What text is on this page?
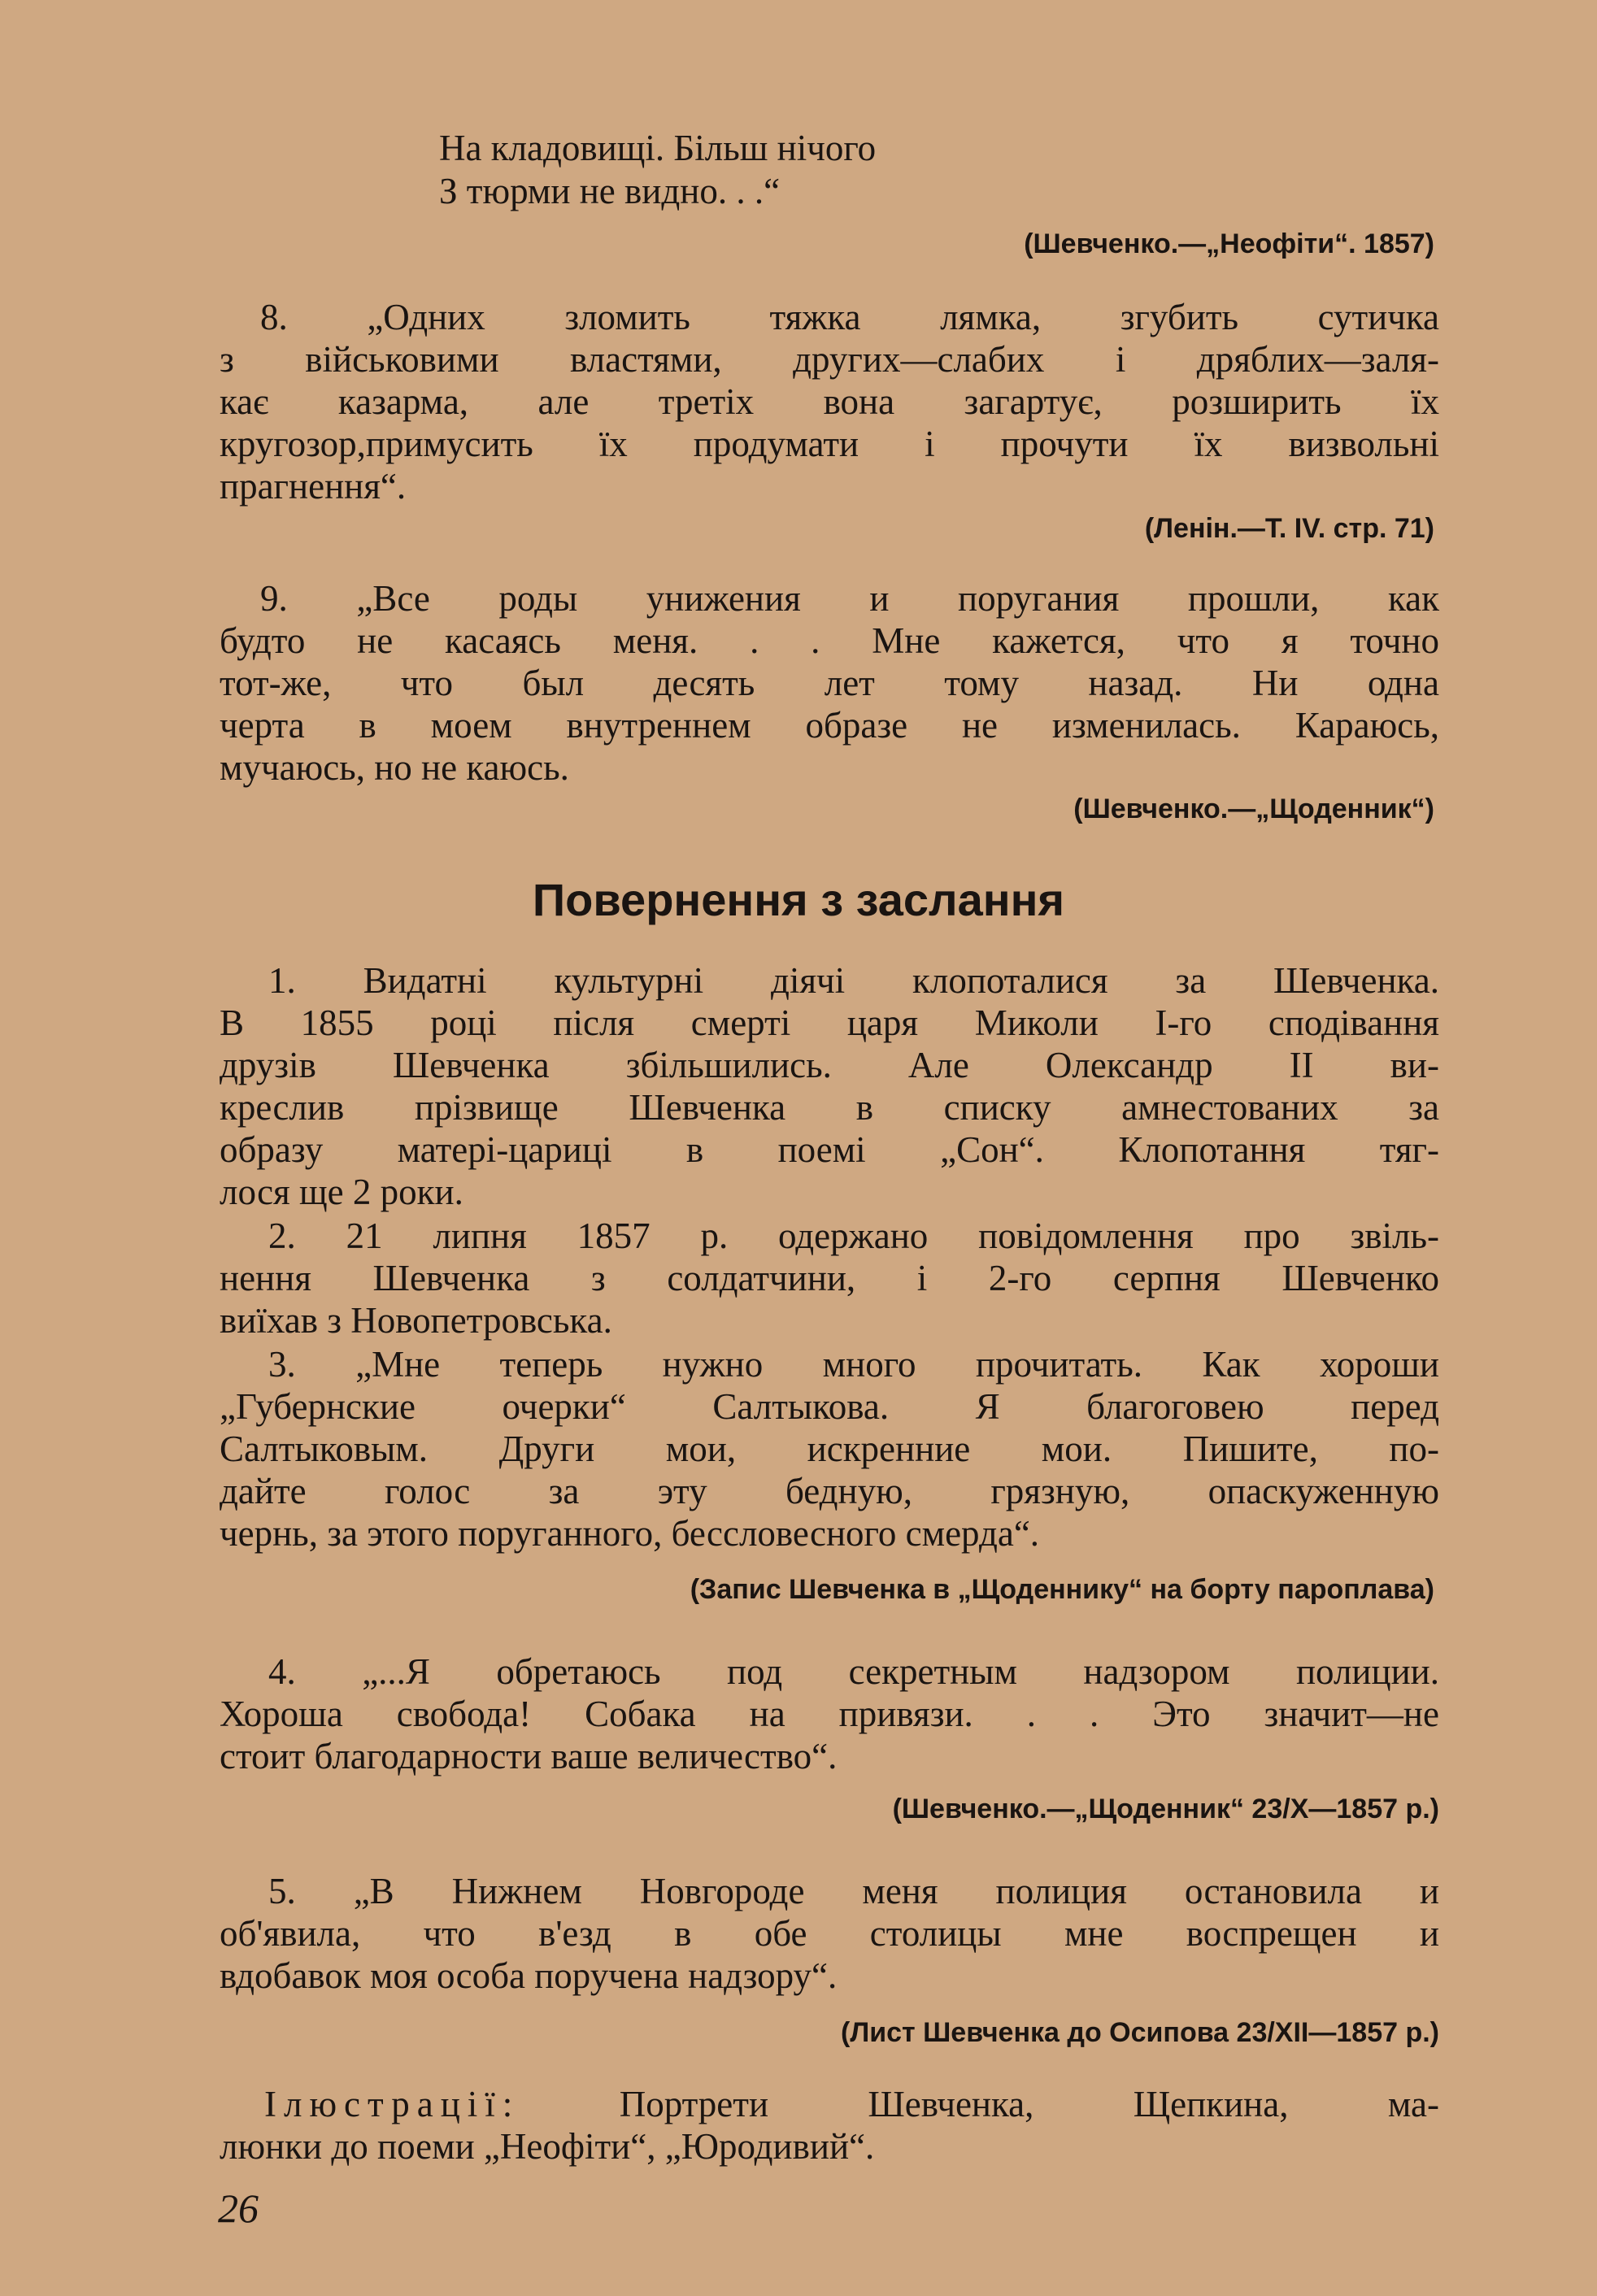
На кладовищі. Більш нічого
З тюрми не видно. . .“
(Шевченко.—„Неофіти“. 1857)
8. „Одних зломить тяжка лямка, згубить сутичка
з військовими властями, других—слабих і дряблих—заля-
кає казарма, але третіх вона загартує, розширить їх
кругозор,примусить їх продумати і прочути їх визвольні
прагнення“.
(Ленін.—Т. IV. стр. 71)
9. „Все роды унижения и поругания прошли, как
будто не касаясь меня. . . Мне кажется, что я точно
тот-же, что был десять лет тому назад. Ни одна
черта в моем внутреннем образе не изменилась. Караюсь,
мучаюсь, но не каюсь.
(Шевченко.—„Щоденник“)
Повернення з заслання
1. Видатні культурні діячі клопоталися за Шевченка.
В 1855 році після смерті царя Миколи І-го сподівання
друзів Шевченка збільшились. Але Олександр II ви-
креслив прізвище Шевченка в списку амнестованих за
образу матері-цариці в поемі „Сон“. Клопотання тяг-
лося ще 2 роки.
2. 21 липня 1857 р. одержано повідомлення про звіль-
нення Шевченка з солдатчини, і 2-го серпня Шевченко
виїхав з Новопетровська.
3. „Мне теперь нужно много прочитать. Как хороши
„Губернские очерки“ Салтыкова. Я благоговею перед
Салтыковым. Други мои, искренние мои. Пишите, по-
дайте голос за эту бедную, грязную, опаскуженную
чернь, за этого поруганного, бессловесного смерда“.
(Запис Шевченка в „Щоденнику“ на борту пароплава)
4. „...Я обретаюсь под секретным надзором полиции.
Хороша свобода! Собака на привязи. . . Это значит—не
стоит благодарности ваше величество“.
(Шевченко.—„Щоденник“ 23/X—1857 р.)
5. „В Нижнем Новгороде меня полиция остановила и
об'явила, что в'езд в обе столицы мне воспрещен и
вдобавок моя особа поручена надзору“.
(Лист Шевченка до Осипова 23/XII—1857 р.)
Ілюстрації: Портрети Шевченка, Щепкина, ма-
люнки до поеми „Неофіти“, „Юродивий“.
26
